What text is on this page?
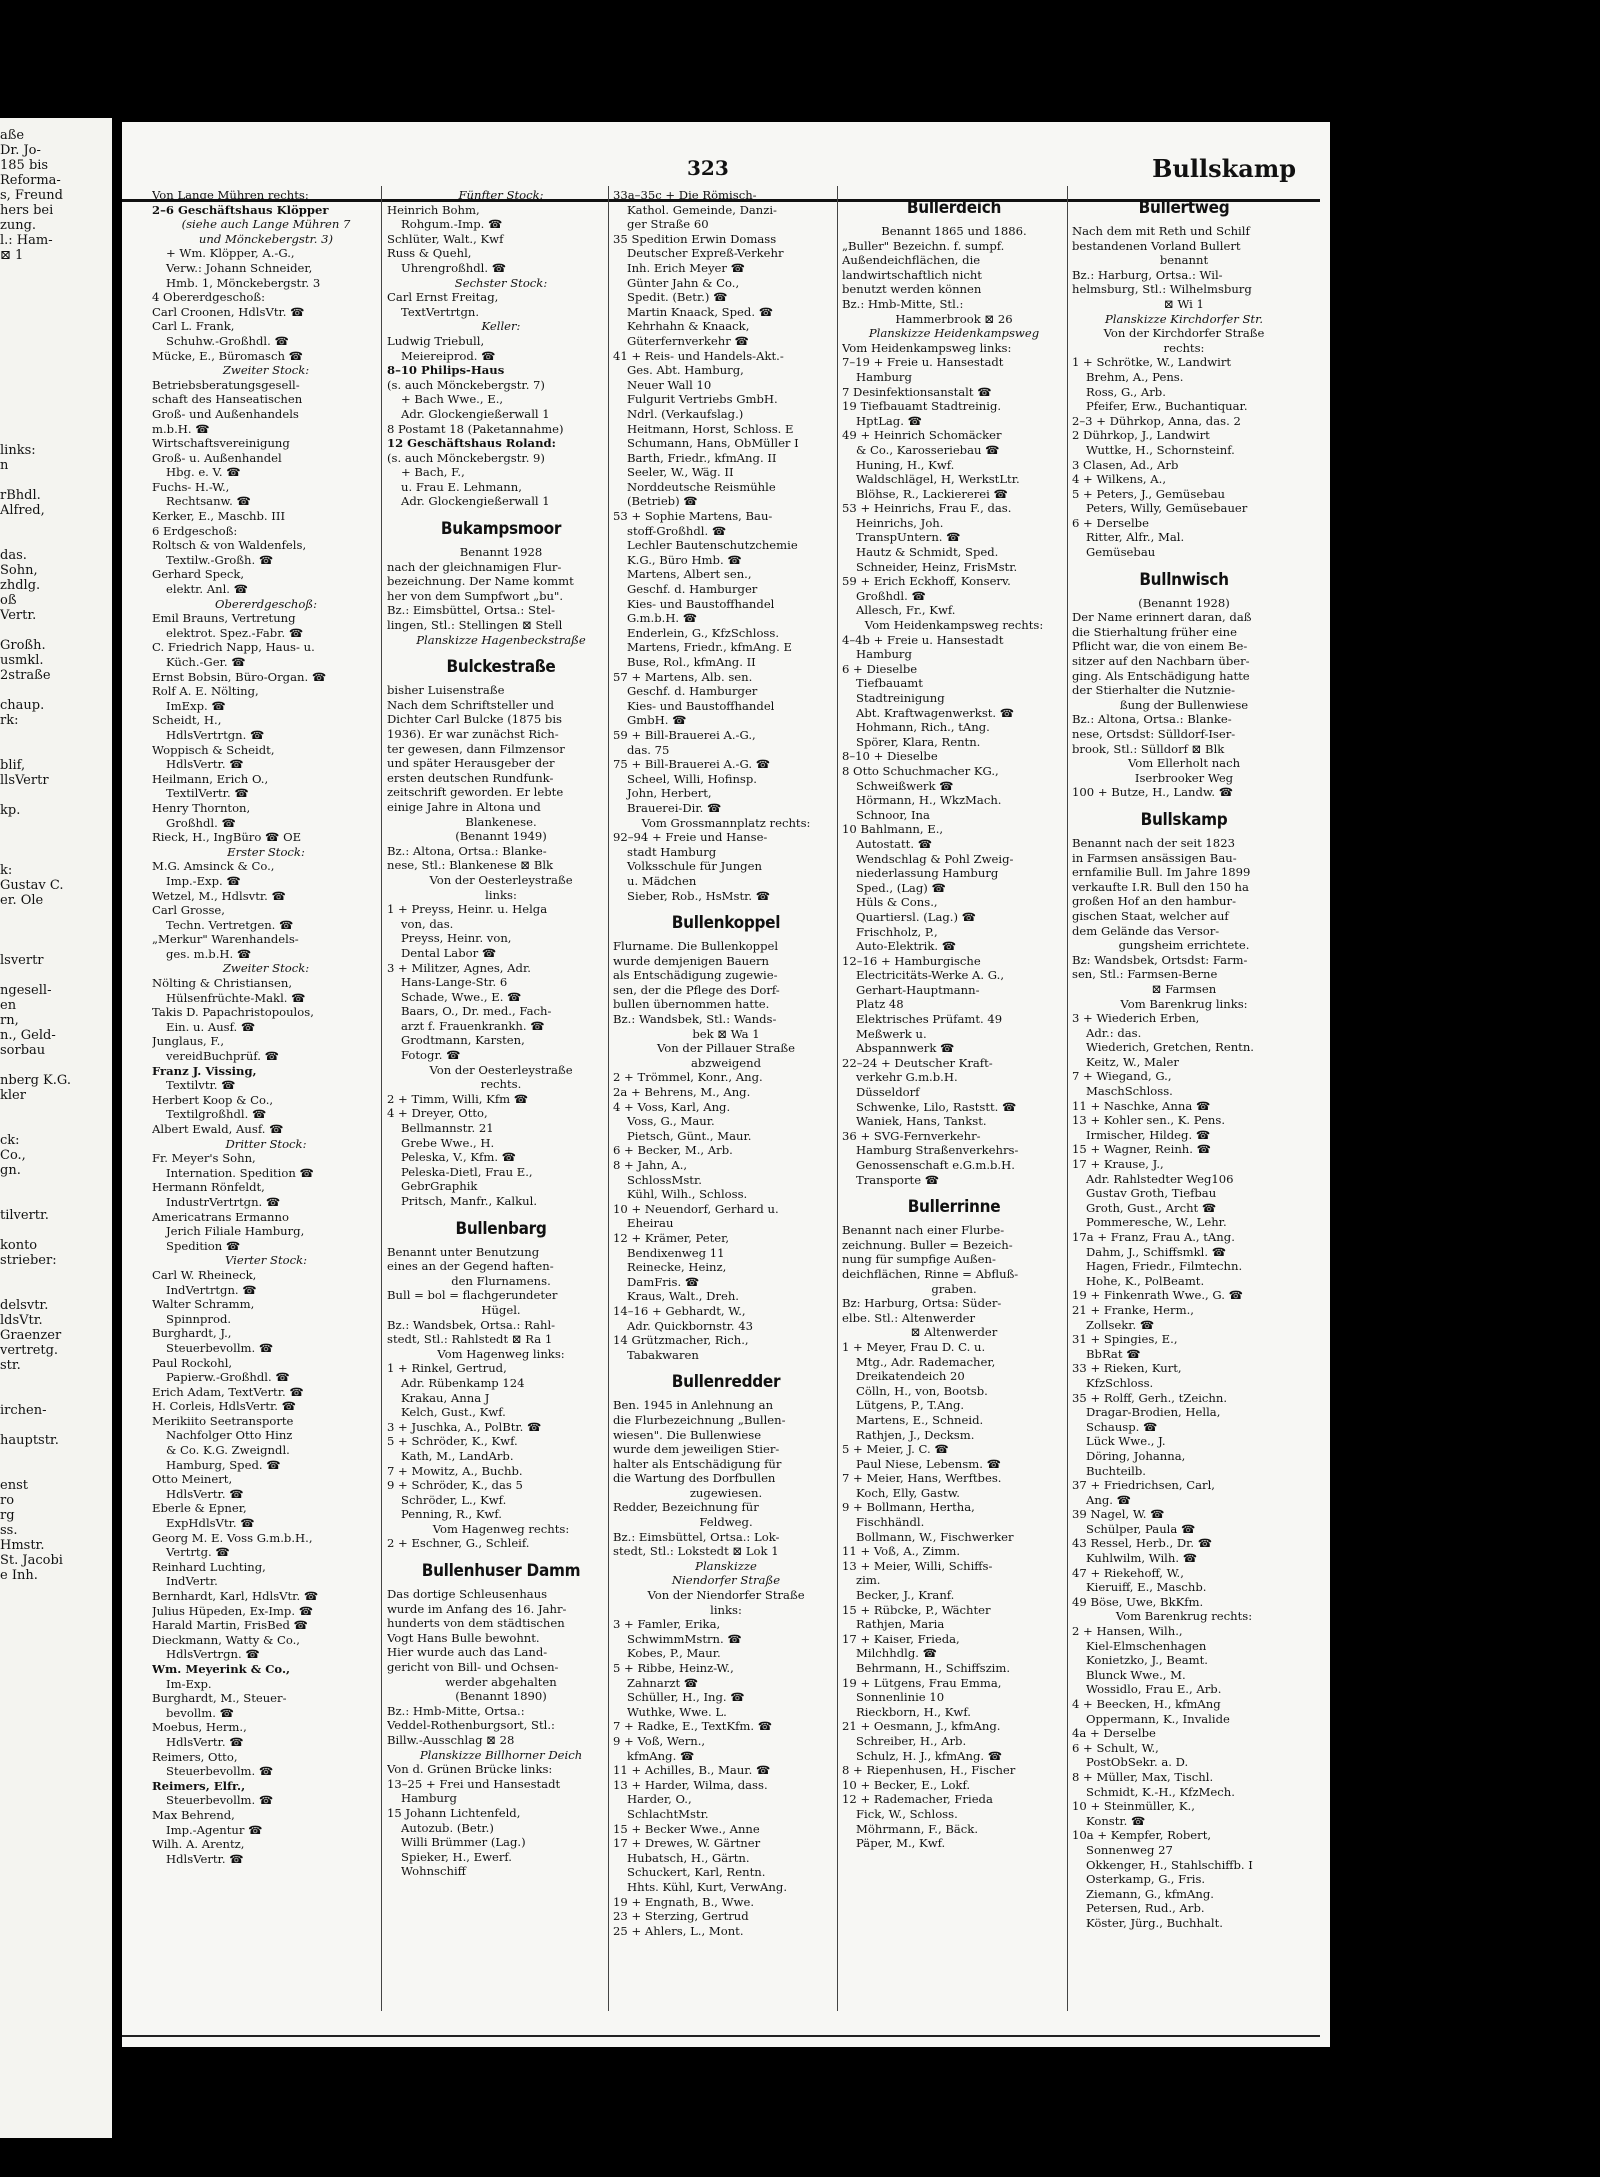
aße
Dr. Jo-
185 bis
Reforma-
s, Freund
hers bei
zung.
l.: Ham-
⊠ 1

links:
n

rBhdl.
Alfred,

das.
Sohn,
zhdlg.
oß
Vertr.

Großh.
usmkl.
2straße

chaup.
rk:

blif,
llsVertr

kp.

k:
Gustav C.
er. Ole

lsvertr

ngesell-
en
rn,
n., Geld-
sorbau

nberg K.G.
kler

ck:
Co.,
gn.

tilvertr.

konto
strieber:

delsvtr.
ldsVtr.
Graenzer
vertretg.
str.

irchen-

hauptstr.

enst
ro
rg
ss.
Hmstr.
St. Jacobi
e Inh.
323	Bullskamp
Von Lange Mühren rechts:
2–6 Geschäftshaus Klöpper
(siehe auch Lange Mühren 7
und Mönckebergstr. 3)
+ Wm. Klöpper, A.-G.,
Verw.: Johann Schneider,
Hmb. 1, Mönckebergstr. 3
4 Obererdgeschoß:
Carl Croonen, HdlsVtr. ☎
Carl L. Frank,
Schuhw.-Großhdl. ☎
Mücke, E., Büromasch ☎
Zweiter Stock:
Betriebsberatungsgesell-
schaft des Hanseatischen
Groß- und Außenhandels
m.b.H. ☎
Wirtschaftsvereinigung
Groß- u. Außenhandel
Hbg. e. V. ☎
Fuchs- H.-W.,
Rechtsanw. ☎
Kerker, E., Maschb. III
6 Erdgeschoß:
Roltsch & von Waldenfels,
Textilw.-Großh. ☎
Gerhard Speck,
elektr. Anl. ☎
Obererdgeschoß:
Emil Brauns, Vertretung
elektrot. Spez.-Fabr. ☎
C. Friedrich Napp, Haus- u.
Küch.-Ger. ☎
Ernst Bobsin, Büro-Organ. ☎
Rolf A. E. Nölting,
ImExp. ☎
Scheidt, H.,
HdlsVertrtgn. ☎
Woppisch & Scheidt,
HdlsVertr. ☎
Heilmann, Erich O.,
TextilVertr. ☎
Henry Thornton,
Großhdl. ☎
Rieck, H., IngBüro ☎ OE
Erster Stock:
M.G. Amsinck & Co.,
Imp.-Exp. ☎
Wetzel, M., Hdlsvtr. ☎
Carl Grosse,
Techn. Vertretgen. ☎
„Merkur" Warenhandels-
ges. m.b.H. ☎
Zweiter Stock:
Nölting & Christiansen,
Hülsenfrüchte-Makl. ☎
Takis D. Papachristopoulos,
Ein. u. Ausf. ☎
Junglaus, F.,
vereidBuchprüf. ☎
Franz J. Vissing,
Textilvtr. ☎
Herbert Koop & Co.,
Textilgroßhdl. ☎
Albert Ewald, Ausf. ☎
Dritter Stock:
Fr. Meyer's Sohn,
Internation. Spedition ☎
Hermann Rönfeldt,
IndustrVertrtgn. ☎
Americatrans Ermanno
Jerich Filiale Hamburg,
Spedition ☎
Vierter Stock:
Carl W. Rheineck,
IndVertrtgn. ☎
Walter Schramm,
Spinnprod.
Burghardt, J.,
Steuerbevollm. ☎
Paul Rockohl,
Papierw.-Großhdl. ☎
Erich Adam, TextVertr. ☎
H. Corleis, HdlsVertr. ☎
Merikiito Seetransporte
Nachfolger Otto Hinz
& Co. K.G. Zweigndl.
Hamburg, Sped. ☎
Otto Meinert,
HdlsVertr. ☎
Eberle & Epner,
ExpHdlsVtr. ☎
Georg M. E. Voss G.m.b.H.,
Vertrtg. ☎
Reinhard Luchting,
IndVertr.
Bernhardt, Karl, HdlsVtr. ☎
Julius Hüpeden, Ex-Imp. ☎
Harald Martin, FrisBed ☎
Dieckmann, Watty & Co.,
HdlsVertrgn. ☎
Wm. Meyerink & Co.,
Im-Exp.
Burghardt, M., Steuer-
bevollm. ☎
Moebus, Herm.,
HdlsVertr. ☎
Reimers, Otto,
Steuerbevollm. ☎
Reimers, Elfr.,
Steuerbevollm. ☎
Max Behrend,
Imp.-Agentur ☎
Wilh. A. Arentz,
HdlsVertr. ☎
Fünfter Stock:
Heinrich Bohm,
Rohgum.-Imp. ☎
Schlüter, Walt., Kwf
Russ & Quehl,
Uhrengroßhdl. ☎
Sechster Stock:
Carl Ernst Freitag,
TextVertrtgn.
Keller:
Ludwig Triebull,
Meiereiprod. ☎
8–10 Philips-Haus
(s. auch Mönckebergstr. 7)
+ Bach Wwe., E.,
Adr. Glockengießerwall 1
8 Postamt 18 (Paketannahme)
12 Geschäftshaus Roland:
(s. auch Mönckebergstr. 9)
+ Bach, F.,
u. Frau E. Lehmann,
Adr. Glockengießerwall 1
Bukampsmoor
Benannt 1928
nach der gleichnamigen Flur-
bezeichnung. Der Name kommt
her von dem Sumpfwort „bu".
Bz.: Eimsbüttel, Ortsa.: Stel-
lingen, Stl.: Stellingen ⊠ Stell
Planskizze Hagenbeckstraße
Bulckestraße
bisher Luisenstraße
Nach dem Schriftsteller und
Dichter Carl Bulcke (1875 bis
1936). Er war zunächst Rich-
ter gewesen, dann Filmzensor
und später Herausgeber der
ersten deutschen Rundfunk-
zeitschrift geworden. Er lebte
einige Jahre in Altona und
Blankenese.
(Benannt 1949)
Bz.: Altona, Ortsa.: Blanke-
nese, Stl.: Blankenese ⊠ Blk
Von der Oesterleystraße
links:
1 + Preyss, Heinr. u. Helga
von, das.
Preyss, Heinr. von,
Dental Labor ☎
3 + Militzer, Agnes, Adr.
Hans-Lange-Str. 6
Schade, Wwe., E. ☎
Baars, O., Dr. med., Fach-
arzt f. Frauenkrankh. ☎
Grodtmann, Karsten,
Fotogr. ☎
Von der Oesterleystraße
rechts.
2 + Timm, Willi, Kfm ☎
4 + Dreyer, Otto,
Bellmannstr. 21
Grebe Wwe., H.
Peleska, V., Kfm. ☎
Peleska-Dietl, Frau E.,
GebrGraphik
Pritsch, Manfr., Kalkul.
Bullenbarg
Benannt unter Benutzung
eines an der Gegend haften-
den Flurnamens.
Bull = bol = flachgerundeter
Hügel.
Bz.: Wandsbek, Ortsa.: Rahl-
stedt, Stl.: Rahlstedt ⊠ Ra 1
Vom Hagenweg links:
1 + Rinkel, Gertrud,
Adr. Rübenkamp 124
Krakau, Anna J
Kelch, Gust., Kwf.
3 + Juschka, A., PolBtr. ☎
5 + Schröder, K., Kwf.
Kath, M., LandArb.
7 + Mowitz, A., Buchb.
9 + Schröder, K., das 5
Schröder, L., Kwf.
Penning, R., Kwf.
Vom Hagenweg rechts:
2 + Eschner, G., Schleif.
Bullenhuser Damm
Das dortige Schleusenhaus
wurde im Anfang des 16. Jahr-
hunderts von dem städtischen
Vogt Hans Bulle bewohnt.
Hier wurde auch das Land-
gericht von Bill- und Ochsen-
werder abgehalten
(Benannt 1890)
Bz.: Hmb-Mitte, Ortsa.:
Veddel-Rothenburgsort, Stl.:
Billw.-Ausschlag ⊠ 28
Planskizze Billhorner Deich
Von d. Grünen Brücke links:
13–25 + Frei und Hansestadt
Hamburg
15 Johann Lichtenfeld,
Autozub. (Betr.)
Willi Brümmer (Lag.)
Spieker, H., Ewerf.
Wohnschiff
33a–35c + Die Römisch-
Kathol. Gemeinde, Danzi-
ger Straße 60
35 Spedition Erwin Domass
Deutscher Expreß-Verkehr
Inh. Erich Meyer ☎
Günter Jahn & Co.,
Spedit. (Betr.) ☎
Martin Knaack, Sped. ☎
Kehrhahn & Knaack,
Güterfernverkehr ☎
41 + Reis- und Handels-Akt.-
Ges. Abt. Hamburg,
Neuer Wall 10
Fulgurit Vertriebs GmbH.
Ndrl. (Verkaufslag.)
Heitmann, Horst, Schloss. E
Schumann, Hans, ObMüller I
Barth, Friedr., kfmAng. II
Seeler, W., Wäg. II
Norddeutsche Reismühle
(Betrieb) ☎
53 + Sophie Martens, Bau-
stoff-Großhdl. ☎
Lechler Bautenschutzchemie
K.G., Büro Hmb. ☎
Martens, Albert sen.,
Geschf. d. Hamburger
Kies- und Baustoffhandel
G.m.b.H. ☎
Enderlein, G., KfzSchloss.
Martens, Friedr., kfmAng. E
Buse, Rol., kfmAng. II
57 + Martens, Alb. sen.
Geschf. d. Hamburger
Kies- und Baustoffhandel
GmbH. ☎
59 + Bill-Brauerei A.-G.,
das. 75
75 + Bill-Brauerei A.-G. ☎
Scheel, Willi, Hofinsp.
John, Herbert,
Brauerei-Dir. ☎
Vom Grossmannplatz rechts:
92–94 + Freie und Hanse-
stadt Hamburg
Volksschule für Jungen
u. Mädchen
Sieber, Rob., HsMstr. ☎
Bullenkoppel
Flurname. Die Bullenkoppel
wurde demjenigen Bauern
als Entschädigung zugewie-
sen, der die Pflege des Dorf-
bullen übernommen hatte.
Bz.: Wandsbek, Stl.: Wands-
bek ⊠ Wa 1
Von der Pillauer Straße
abzweigend
2 + Trömmel, Konr., Ang.
2a + Behrens, M., Ang.
4 + Voss, Karl, Ang.
Voss, G., Maur.
Pietsch, Günt., Maur.
6 + Becker, M., Arb.
8 + Jahn, A.,
SchlossMstr.
Kühl, Wilh., Schloss.
10 + Neuendorf, Gerhard u.
Eheirau
12 + Krämer, Peter,
Bendixenweg 11
Reinecke, Heinz,
DamFris. ☎
Kraus, Walt., Dreh.
14–16 + Gebhardt, W.,
Adr. Quickbornstr. 43
14 Grützmacher, Rich.,
Tabakwaren
Bullenredder
Ben. 1945 in Anlehnung an
die Flurbezeichnung „Bullen-
wiesen". Die Bullenwiese
wurde dem jeweiligen Stier-
halter als Entschädigung für
die Wartung des Dorfbullen
zugewiesen.
Redder, Bezeichnung für
Feldweg.
Bz.: Eimsbüttel, Ortsa.: Lok-
stedt, Stl.: Lokstedt ⊠ Lok 1
Planskizze
Niendorfer Straße
Von der Niendorfer Straße
links:
3 + Famler, Erika,
SchwimmMstrn. ☎
Kobes, P., Maur.
5 + Ribbe, Heinz-W.,
Zahnarzt ☎
Schüller, H., Ing. ☎
Wuthke, Wwe. L.
7 + Radke, E., TextKfm. ☎
9 + Voß, Wern.,
kfmAng. ☎
11 + Achilles, B., Maur. ☎
13 + Harder, Wilma, dass.
Harder, O.,
SchlachtMstr.
15 + Becker Wwe., Anne
17 + Drewes, W. Gärtner
Hubatsch, H., Gärtn.
Schuckert, Karl, Rentn.
Hhts. Kühl, Kurt, VerwAng.
19 + Engnath, B., Wwe.
23 + Sterzing, Gertrud
25 + Ahlers, L., Mont.
Bullerdeich
Benannt 1865 und 1886.
„Buller" Bezeichn. f. sumpf.
Außendeichflächen, die
landwirtschaftlich nicht
benutzt werden können
Bz.: Hmb-Mitte, Stl.:
Hammerbrook ⊠ 26
Planskizze Heidenkampsweg
Vom Heidenkampsweg links:
7–19 + Freie u. Hansestadt
Hamburg
7 Desinfektionsanstalt ☎
19 Tiefbauamt Stadtreinig.
HptLag. ☎
49 + Heinrich Schomäcker
& Co., Karosseriebau ☎
Huning, H., Kwf.
Waldschlägel, H, WerkstLtr.
Blöhse, R., Lackiererei ☎
53 + Heinrichs, Frau F., das.
Heinrichs, Joh.
TranspUntern. ☎
Hautz & Schmidt, Sped.
Schneider, Heinz, FrisMstr.
59 + Erich Eckhoff, Konserv.
Großhdl. ☎
Allesch, Fr., Kwf.
Vom Heidenkampsweg rechts:
4–4b + Freie u. Hansestadt
Hamburg
6 + Dieselbe
Tiefbauamt
Stadtreinigung
Abt. Kraftwagenwerkst. ☎
Hohmann, Rich., tAng.
Spörer, Klara, Rentn.
8–10 + Dieselbe
8 Otto Schuchmacher KG.,
Schweißwerk ☎
Hörmann, H., WkzMach.
Schnoor, Ina
10 Bahlmann, E.,
Autostatt. ☎
Wendschlag & Pohl Zweig-
niederlassung Hamburg
Sped., (Lag) ☎
Hüls & Cons.,
Quartiersl. (Lag.) ☎
Frischholz, P.,
Auto-Elektrik. ☎
12–16 + Hamburgische
Electricitäts-Werke A. G.,
Gerhart-Hauptmann-
Platz 48
Elektrisches Prüfamt. 49
Meßwerk u.
Abspannwerk ☎
22–24 + Deutscher Kraft-
verkehr G.m.b.H.
Düsseldorf
Schwenke, Lilo, Raststt. ☎
Waniek, Hans, Tankst.
36 + SVG-Fernverkehr-
Hamburg Straßenverkehrs-
Genossenschaft e.G.m.b.H.
Transporte ☎
Bullerrinne
Benannt nach einer Flurbe-
zeichnung. Buller = Bezeich-
nung für sumpfige Außen-
deichflächen, Rinne = Abfluß-
graben.
Bz: Harburg, Ortsa: Süder-
elbe. Stl.: Altenwerder
⊠ Altenwerder
1 + Meyer, Frau D. C. u.
Mtg., Adr. Rademacher,
Dreikatendeich 20
Cölln, H., von, Bootsb.
Lütgens, P., T.Ang.
Martens, E., Schneid.
Rathjen, J., Decksm.
5 + Meier, J. C. ☎
Paul Niese, Lebensm. ☎
7 + Meier, Hans, Werftbes.
Koch, Elly, Gastw.
9 + Bollmann, Hertha,
Fischhändl.
Bollmann, W., Fischwerker
11 + Voß, A., Zimm.
13 + Meier, Willi, Schiffs-
zim.
Becker, J., Kranf.
15 + Rübcke, P., Wächter
Rathjen, Maria
17 + Kaiser, Frieda,
Milchhdlg. ☎
Behrmann, H., Schiffszim.
19 + Lütgens, Frau Emma,
Sonnenlinie 10
Rieckborn, H., Kwf.
21 + Oesmann, J., kfmAng.
Schreiber, H., Arb.
Schulz, H. J., kfmAng. ☎
8 + Riepenhusen, H., Fischer
10 + Becker, E., Lokf.
12 + Rademacher, Frieda
Fick, W., Schloss.
Möhrmann, F., Bäck.
Päper, M., Kwf.
Bullertweg
Nach dem mit Reth und Schilf
bestandenen Vorland Bullert
benannt
Bz.: Harburg, Ortsa.: Wil-
helmsburg, Stl.: Wilhelmsburg
⊠ Wi 1
Planskizze Kirchdorfer Str.
Von der Kirchdorfer Straße
rechts:
1 + Schrötke, W., Landwirt
Brehm, A., Pens.
Ross, G., Arb.
Pfeifer, Erw., Buchantiquar.
2–3 + Dührkop, Anna, das. 2
2 Dührkop, J., Landwirt
Wuttke, H., Schornsteinf.
3 Clasen, Ad., Arb
4 + Wilkens, A.,
5 + Peters, J., Gemüsebau
Peters, Willy, Gemüsebauer
6 + Derselbe
Ritter, Alfr., Mal.
Gemüsebau
Bullnwisch
(Benannt 1928)
Der Name erinnert daran, daß
die Stierhaltung früher eine
Pflicht war, die von einem Be-
sitzer auf den Nachbarn über-
ging. Als Entschädigung hatte
der Stierhalter die Nutznie-
ßung der Bullenwiese
Bz.: Altona, Ortsa.: Blanke-
nese, Ortsdst: Sülldorf-Iser-
brook, Stl.: Sülldorf ⊠ Blk
Vom Ellerholt nach
Iserbrooker Weg
100 + Butze, H., Landw. ☎
Bullskamp
Benannt nach der seit 1823
in Farmsen ansässigen Bau-
ernfamilie Bull. Im Jahre 1899
verkaufte I.R. Bull den 150 ha
großen Hof an den hambur-
gischen Staat, welcher auf
dem Gelände das Versor-
gungsheim errichtete.
Bz: Wandsbek, Ortsdst: Farm-
sen, Stl.: Farmsen-Berne
⊠ Farmsen
Vom Barenkrug links:
3 + Wiederich Erben,
Adr.: das.
Wiederich, Gretchen, Rentn.
Keitz, W., Maler
7 + Wiegand, G.,
MaschSchloss.
11 + Naschke, Anna ☎
13 + Kohler sen., K. Pens.
Irmischer, Hildeg. ☎
15 + Wagner, Reinh. ☎
17 + Krause, J.,
Adr. Rahlstedter Weg106
Gustav Groth, Tiefbau
Groth, Gust., Archt ☎
Pommeresche, W., Lehr.
17a + Franz, Frau A., tAng.
Dahm, J., Schiffsmkl. ☎
Hagen, Friedr., Filmtechn.
Hohe, K., PolBeamt.
19 + Finkenrath Wwe., G. ☎
21 + Franke, Herm.,
Zollsekr. ☎
31 + Spingies, E.,
BbRat ☎
33 + Rieken, Kurt,
KfzSchloss.
35 + Rolff, Gerh., tZeichn.
Dragar-Brodien, Hella,
Schausp. ☎
Lück Wwe., J.
Döring, Johanna,
Buchteilb.
37 + Friedrichsen, Carl,
Ang. ☎
39 Nagel, W. ☎
Schülper, Paula ☎
43 Ressel, Herb., Dr. ☎
Kuhlwilm, Wilh. ☎
47 + Riekehoff, W.,
Kieruiff, E., Maschb.
49 Böse, Uwe, BkKfm.
Vom Barenkrug rechts:
2 + Hansen, Wilh.,
Kiel-Elmschenhagen
Konietzko, J., Beamt.
Blunck Wwe., M.
Wossidlo, Frau E., Arb.
4 + Beecken, H., kfmAng
Oppermann, K., Invalide
4a + Derselbe
6 + Schult, W.,
PostObSekr. a. D.
8 + Müller, Max, Tischl.
Schmidt, K.-H., KfzMech.
10 + Steinmüller, K.,
Konstr. ☎
10a + Kempfer, Robert,
Sonnenweg 27
Okkenger, H., Stahlschiffb. I
Osterkamp, G., Fris.
Ziemann, G., kfmAng.
Petersen, Rud., Arb.
Köster, Jürg., Buchhalt.
